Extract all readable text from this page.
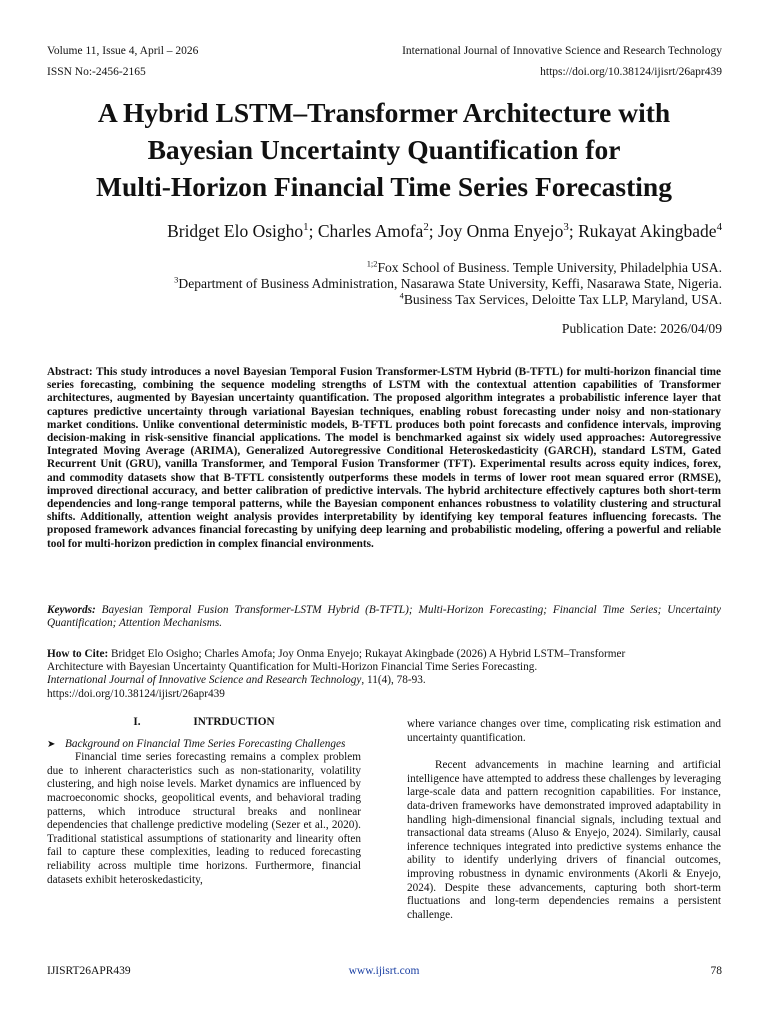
Volume 11, Issue 4, April – 2026	International Journal of Innovative Science and Research Technology
ISSN No:-2456-2165	https://doi.org/10.38124/ijisrt/26apr439
A Hybrid LSTM–Transformer Architecture with
Bayesian Uncertainty Quantification for
Multi-Horizon Financial Time Series Forecasting
Bridget Elo Osigho$^1$; Charles Amofa$^2$; Joy Onma Enyejo$^3$; Rukayat Akingbade$^4$
$^{1;2}$Fox School of Business. Temple University, Philadelphia USA.
$^3$Department of Business Administration, Nasarawa State University, Keffi, Nasarawa State, Nigeria.
$^4$Business Tax Services, Deloitte Tax LLP, Maryland, USA.
Publication Date: 2026/04/09

Abstract: This study introduces a novel Bayesian Temporal Fusion Transformer-LSTM Hybrid (B-TFTL) for multi-horizon financial time series forecasting, combining the sequence modeling strengths of LSTM with the contextual attention capabilities of Transformer architectures, augmented by Bayesian uncertainty quantification. The proposed algorithm integrates a probabilistic inference layer that captures predictive uncertainty through variational Bayesian techniques, enabling robust forecasting under noisy and non-stationary market conditions. Unlike conventional deterministic models, B-TFTL produces both point forecasts and confidence intervals, improving decision-making in risk-sensitive financial applications. The model is benchmarked against six widely used approaches: Autoregressive Integrated Moving Average (ARIMA), Generalized Autoregressive Conditional Heteroskedasticity (GARCH), standard LSTM, Gated Recurrent Unit (GRU), vanilla Transformer, and Temporal Fusion Transformer (TFT). Experimental results across equity indices, forex, and commodity datasets show that B-TFTL consistently outperforms these models in terms of lower root mean squared error (RMSE), improved directional accuracy, and better calibration of predictive intervals. The hybrid architecture effectively captures both short-term dependencies and long-range temporal patterns, while the Bayesian component enhances robustness to volatility clustering and structural shifts. Additionally, attention weight analysis provides interpretability by identifying key temporal features influencing forecasts. The proposed framework advances financial forecasting by unifying deep learning and probabilistic modeling, offering a powerful and reliable tool for multi-horizon prediction in complex financial environments.

Keywords: Bayesian Temporal Fusion Transformer-LSTM Hybrid (B-TFTL); Multi-Horizon Forecasting; Financial Time Series; Uncertainty Quantification; Attention Mechanisms.

How to Cite: Bridget Elo Osigho; Charles Amofa; Joy Onma Enyejo; Rukayat Akingbade (2026) A Hybrid LSTM–Transformer
Architecture with Bayesian Uncertainty Quantification for Multi-Horizon Financial Time Series Forecasting.
International Journal of Innovative Science and Research Technology, 11(4), 78-93.
https://doi.org/10.38124/ijisrt/26apr439

I.	INTRDUCTION
➤ Background on Financial Time Series Forecasting Challenges

Financial time series forecasting remains a complex problem due to inherent characteristics such as non-stationarity, volatility clustering, and high noise levels. Market dynamics are influenced by macroeconomic shocks, geopolitical events, and behavioral trading patterns, which introduce structural breaks and nonlinear dependencies that challenge predictive modeling (Sezer et al., 2020). Traditional statistical assumptions of stationarity and linearity often fail to capture these complexities, leading to reduced forecasting reliability across multiple time horizons. Furthermore, financial datasets exhibit heteroskedasticity,

where variance changes over time, complicating risk estimation and uncertainty quantification.

Recent advancements in machine learning and artificial intelligence have attempted to address these challenges by leveraging large-scale data and pattern recognition capabilities. For instance, data-driven frameworks have demonstrated improved adaptability in handling high-dimensional financial signals, including textual and transactional data streams (Aluso & Enyejo, 2024). Similarly, causal inference techniques integrated into predictive systems enhance the ability to identify underlying drivers of financial outcomes, improving robustness in dynamic environments (Akorli & Enyejo, 2024). Despite these advancements, capturing both short-term fluctuations and long-term dependencies remains a persistent challenge.

IJISRT26APR439	www.ijisrt.com	78
